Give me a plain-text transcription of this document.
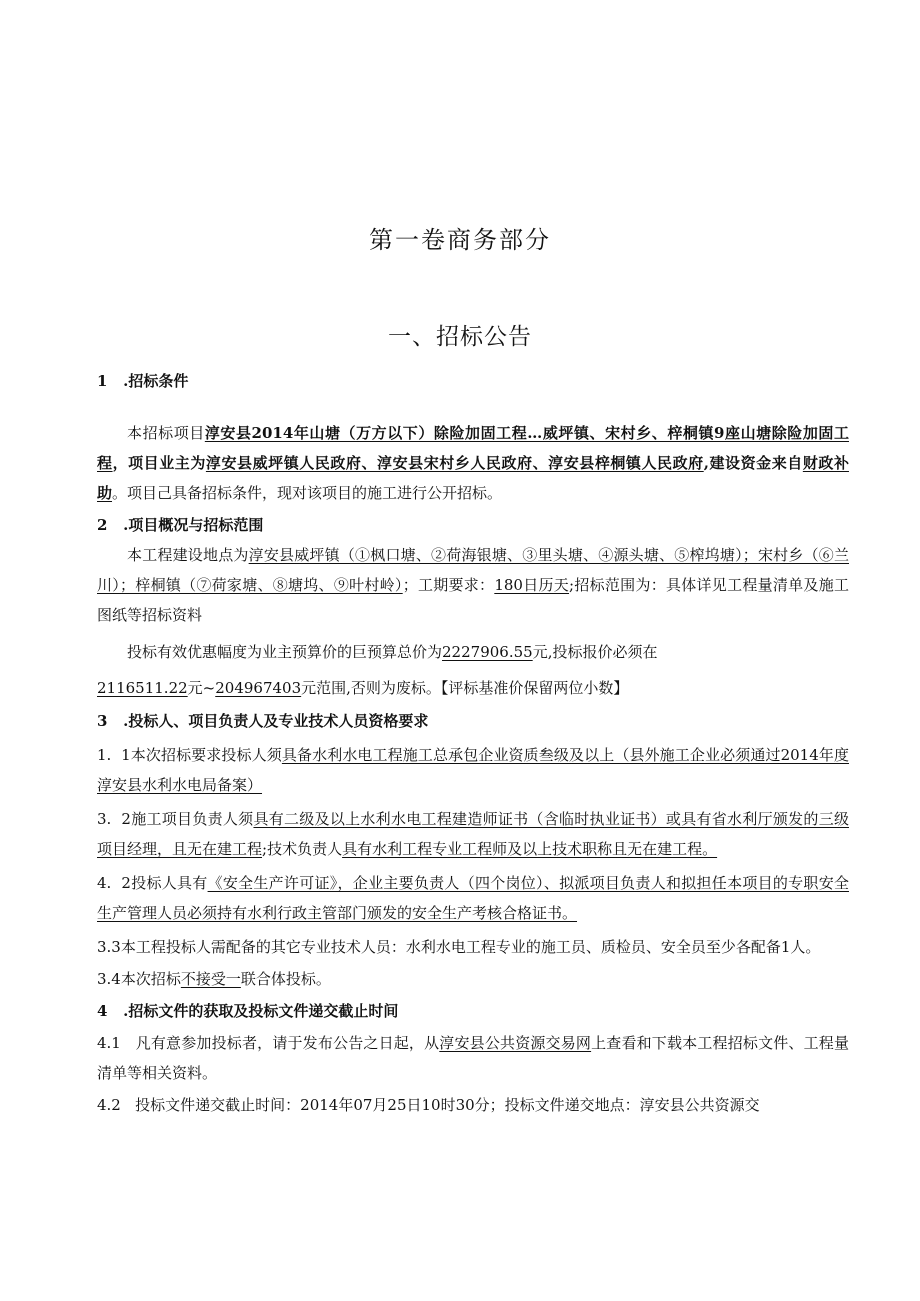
第一卷商务部分
一、招标公告

1   .招标条件

本招标项目淳安县2014年山塘（万方以下）除险加固工程…威坪镇、宋村乡、梓桐镇9座山塘除险加固工程，项目业主为淳安县威坪镇人民政府、淳安县宋村乡人民政府、淳安县梓桐镇人民政府,建设资金来自财政补助。项目己具备招标条件，现对该项目的施工进行公开招标。

2   .项目概况与招标范围

本工程建设地点为淳安县威坪镇（①枫口塘、②荷海银塘、③里头塘、④源头塘、⑤榨坞塘）；宋村乡（⑥兰川）；梓桐镇（⑦荷家塘、⑧塘坞、⑨叶村岭）；工期要求：180日历天;招标范围为：具体详见工程量清单及施工图纸等招标资料

投标有效优惠幅度为业主预算价的巨预算总价为2227906.55元,投标报价必须在

2116511.22元~204967403元范围,否则为废标。【评标基准价保留两位小数】

3   .投标人、项目负责人及专业技术人员资格要求

1.  1本次招标要求投标人须具备水利水电工程施工总承包企业资质叁级及以上（县外施工企业必须通过2014年度淳安县水利水电局备案）

3.  2施工项目负责人须具有二级及以上水利水电工程建造师证书（含临时执业证书）或具有省水利厅颁发的三级项目经理，且无在建工程;技术负责人具有水利工程专业工程师及以上技术职称且无在建工程。

4.  2投标人具有《安全生产许可证》，企业主要负责人（四个岗位）、拟派项目负责人和拟担任本项目的专职安全生产管理人员必须持有水利行政主管部门颁发的安全生产考核合格证书。

3.3本工程投标人需配备的其它专业技术人员：水利水电工程专业的施工员、质检员、安全员至少各配备1人。

3.4本次招标不接受一联合体投标。

4   .招标文件的获取及投标文件递交截止时间

4.1   凡有意参加投标者，请于发布公告之日起，从淳安县公共资源交易网上查看和下载本工程招标文件、工程量清单等相关资料。

4.2   投标文件递交截止时间：2014年07月25日10时30分；投标文件递交地点：淳安县公共资源交
